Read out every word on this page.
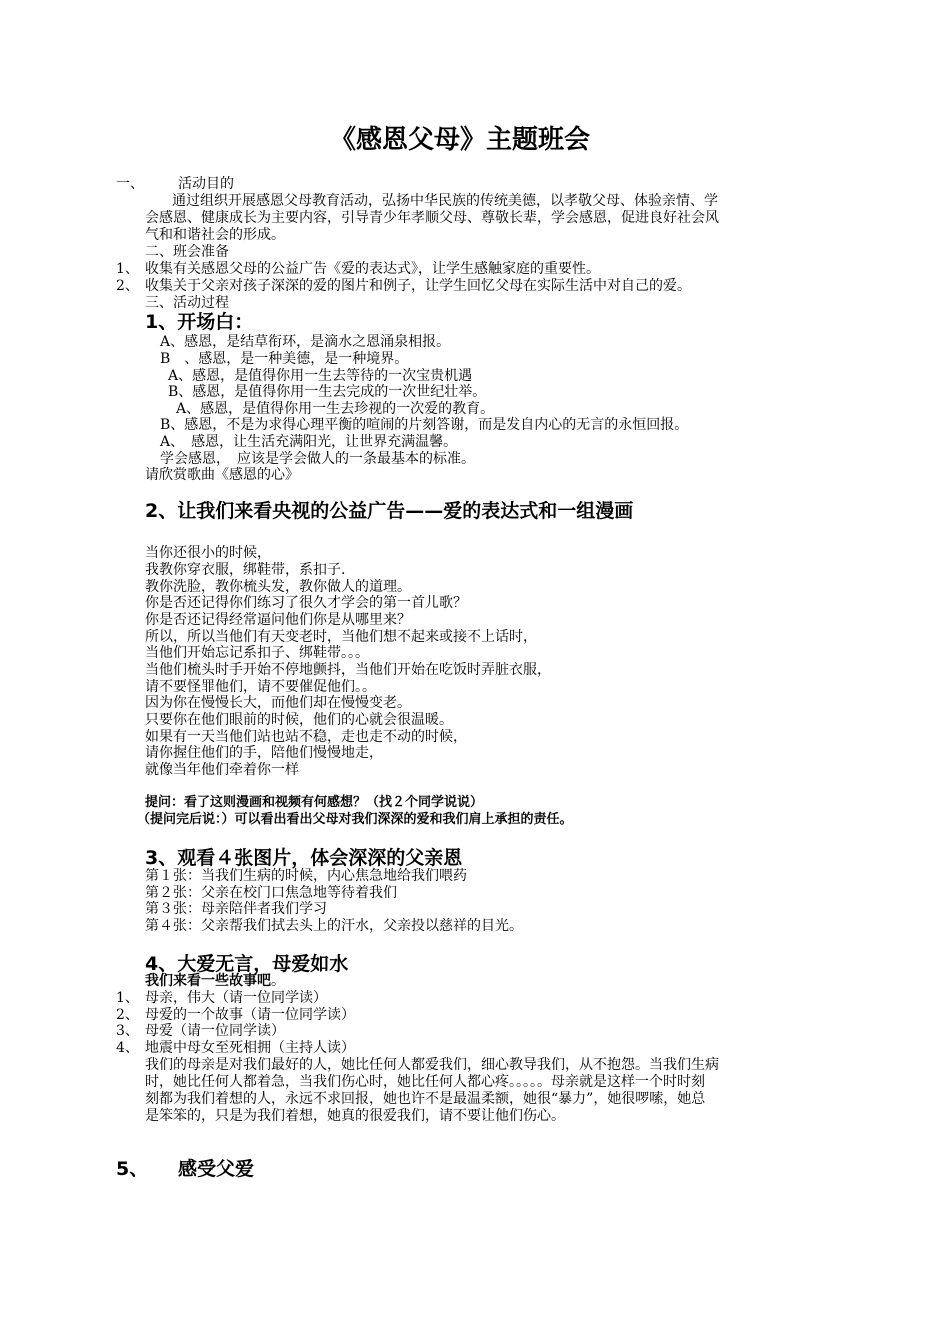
《感恩父母》主题班会
一、 活动目的
通过组织开展感恩父母教育活动，弘扬中华民族的传统美德，以孝敬父母、体验亲情、学
会感恩、健康成长为主要内容，引导青少年孝顺父母、尊敬长辈，学会感恩，促进良好社会风
气和和谐社会的形成。
二、班会准备
1、 收集有关感恩父母的公益广告《爱的表达式》，让学生感触家庭的重要性。
2、 收集关于父亲对孩子深深的爱的图片和例子，让学生回忆父母在实际生活中对自己的爱。
三、活动过程
1、开场白：
A、感恩，是结草衔环，是滴水之恩涌泉相报。
B　、感恩，是一种美德，是一种境界。
A、感恩，是值得你用一生去等待的一次宝贵机遇
B、感恩，是值得你用一生去完成的一次世纪壮举。
A、感恩，是值得你用一生去珍视的一次爱的教育。
B、感恩，不是为求得心理平衡的喧闹的片刻答谢，而是发自内心的无言的永恒回报。
A、　感恩，让生活充满阳光，让世界充满温馨。
学会感恩，　应该是学会做人的一条最基本的标准。
请欣赏歌曲《感恩的心》
2、让我们来看央视的公益广告——爱的表达式和一组漫画
当你还很小的时候，
我教你穿衣服，绑鞋带，系扣子.
教你洗脸，教你梳头发，教你做人的道理。
你是否还记得你们练习了很久才学会的第一首儿歌？
你是否还记得经常逼问他们你是从哪里来？
所以，所以当他们有天变老时，当他们想不起来或接不上话时，
当他们开始忘记系扣子、绑鞋带。。。
当他们梳头时手开始不停地颤抖，当他们开始在吃饭时弄脏衣服，
请不要怪罪他们，请不要催促他们。。
因为你在慢慢长大，而他们却在慢慢变老。
只要你在他们眼前的时候，他们的心就会很温暖。
如果有一天当他们站也站不稳，走也走不动的时候，
请你握住他们的手，陪他们慢慢地走，
就像当年他们牵着你一样
提问：看了这则漫画和视频有何感想？（找２个同学说说）
（提问完后说：）可以看出看出父母对我们深深的爱和我们肩上承担的责任。
3、观看４张图片，体会深深的父亲恩
第１张：当我们生病的时候，内心焦急地给我们喂药
第２张：父亲在校门口焦急地等待着我们
第３张：母亲陪伴者我们学习
第４张：父亲帮我们拭去头上的汗水，父亲投以慈祥的目光。
4、大爱无言，母爱如水
我们来看一些故事吧。
1、 母亲，伟大（请一位同学读）
2、 母爱的一个故事（请一位同学读）
3、 母爱（请一位同学读）
4、 地震中母女至死相拥（主持人读）
我们的母亲是对我们最好的人，她比任何人都爱我们，细心教导我们，从不抱怨。当我们生病
时，她比任何人都着急，当我们伤心时，她比任何人都心疼。。。。。母亲就是这样一个时时刻
刻都为我们着想的人，永远不求回报，她也许不是最温柔额，她很“暴力”，她很啰嗦，她总
是笨笨的，只是为我们着想，她真的很爱我们，请不要让他们伤心。
5、 感受父爱
